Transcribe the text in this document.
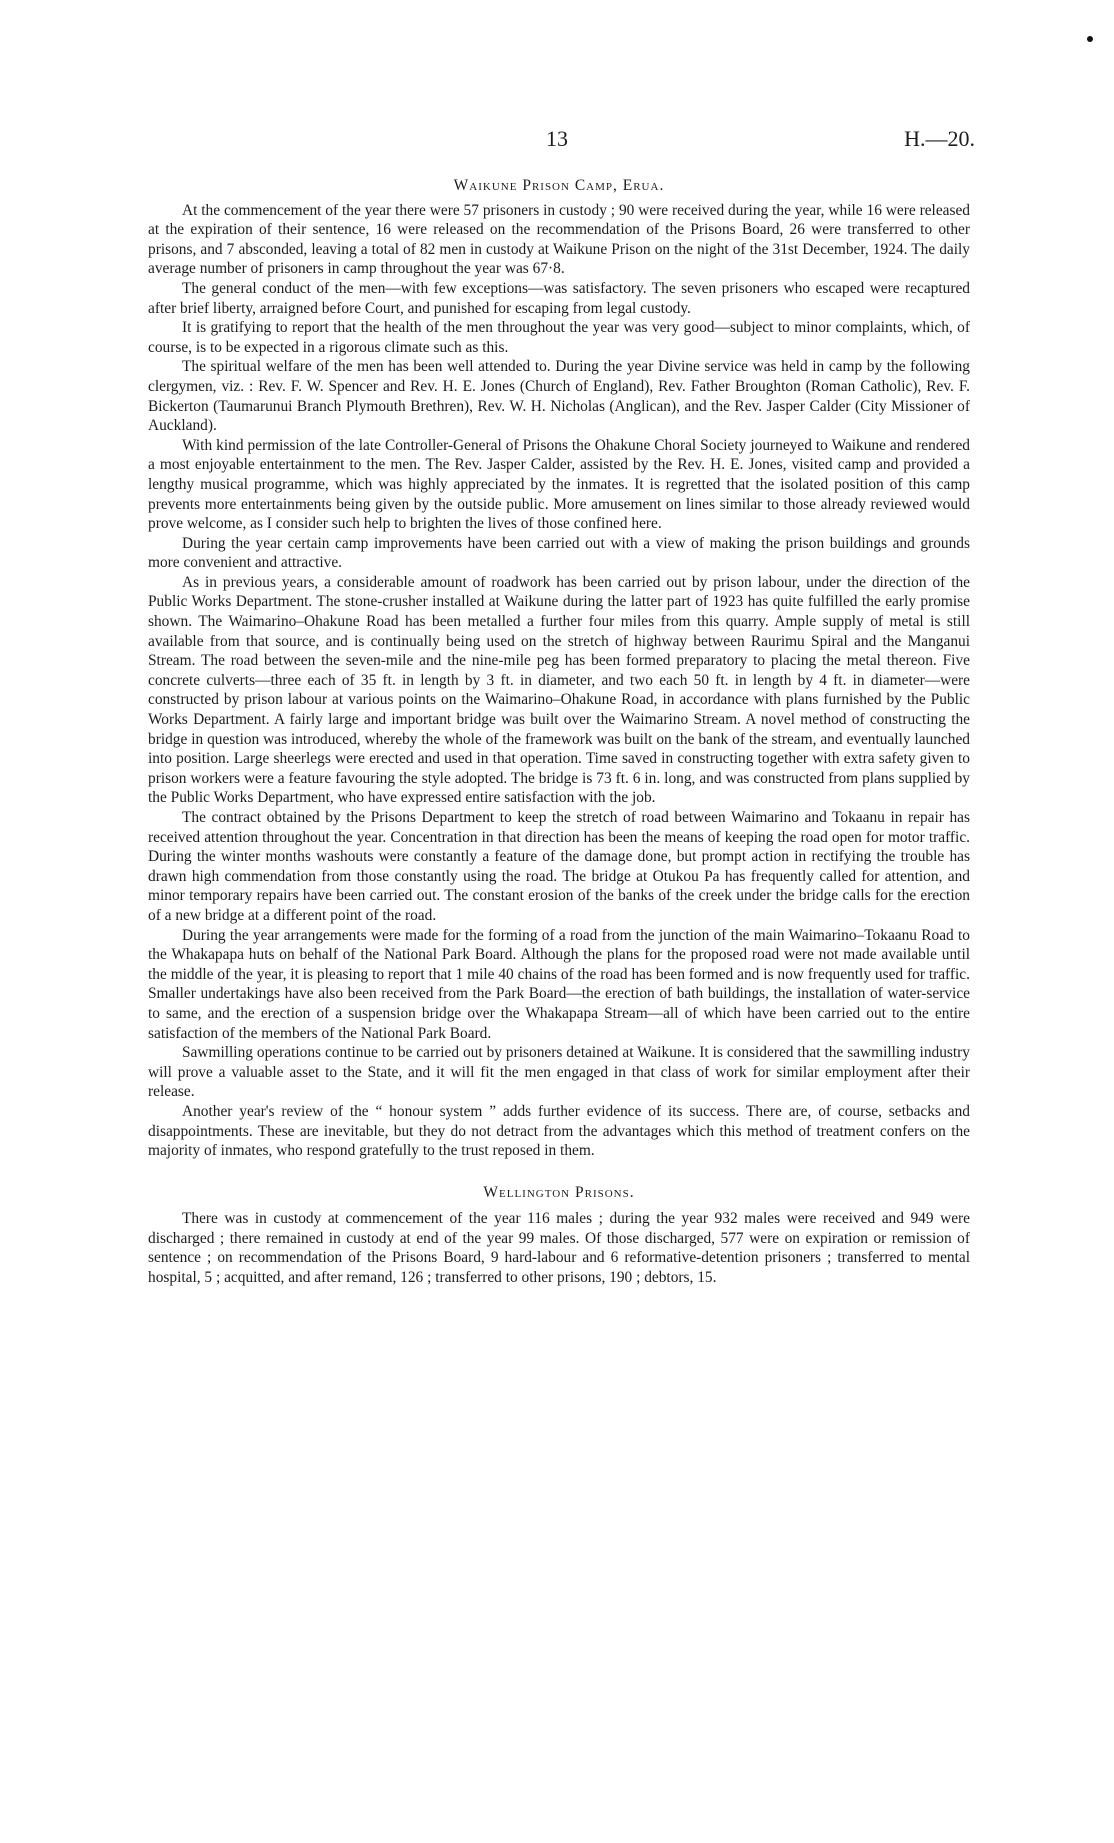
13	H.—20.
Waikune Prison Camp, Erua.

At the commencement of the year there were 57 prisoners in custody ; 90 were received during the year, while 16 were released at the expiration of their sentence, 16 were released on the recommendation of the Prisons Board, 26 were transferred to other prisons, and 7 absconded, leaving a total of 82 men in custody at Waikune Prison on the night of the 31st December, 1924. The daily average number of prisoners in camp throughout the year was 67·8.

The general conduct of the men—with few exceptions—was satisfactory. The seven prisoners who escaped were recaptured after brief liberty, arraigned before Court, and punished for escaping from legal custody.

It is gratifying to report that the health of the men throughout the year was very good—subject to minor complaints, which, of course, is to be expected in a rigorous climate such as this.

The spiritual welfare of the men has been well attended to. During the year Divine service was held in camp by the following clergymen, viz. : Rev. F. W. Spencer and Rev. H. E. Jones (Church of England), Rev. Father Broughton (Roman Catholic), Rev. F. Bickerton (Taumarunui Branch Plymouth Brethren), Rev. W. H. Nicholas (Anglican), and the Rev. Jasper Calder (City Missioner of Auckland).

With kind permission of the late Controller-General of Prisons the Ohakune Choral Society journeyed to Waikune and rendered a most enjoyable entertainment to the men. The Rev. Jasper Calder, assisted by the Rev. H. E. Jones, visited camp and provided a lengthy musical programme, which was highly appreciated by the inmates. It is regretted that the isolated position of this camp prevents more entertainments being given by the outside public. More amusement on lines similar to those already reviewed would prove welcome, as I consider such help to brighten the lives of those confined here.

During the year certain camp improvements have been carried out with a view of making the prison buildings and grounds more convenient and attractive.

As in previous years, a considerable amount of roadwork has been carried out by prison labour, under the direction of the Public Works Department. The stone-crusher installed at Waikune during the latter part of 1923 has quite fulfilled the early promise shown. The Waimarino–Ohakune Road has been metalled a further four miles from this quarry. Ample supply of metal is still available from that source, and is continually being used on the stretch of highway between Raurimu Spiral and the Manganui Stream. The road between the seven-mile and the nine-mile peg has been formed preparatory to placing the metal thereon. Five concrete culverts—three each of 35 ft. in length by 3 ft. in diameter, and two each 50 ft. in length by 4 ft. in diameter—were constructed by prison labour at various points on the Waimarino–Ohakune Road, in accordance with plans furnished by the Public Works Department. A fairly large and important bridge was built over the Waimarino Stream. A novel method of constructing the bridge in question was introduced, whereby the whole of the framework was built on the bank of the stream, and eventually launched into position. Large sheerlegs were erected and used in that operation. Time saved in constructing together with extra safety given to prison workers were a feature favouring the style adopted. The bridge is 73 ft. 6 in. long, and was constructed from plans supplied by the Public Works Department, who have expressed entire satisfaction with the job.

The contract obtained by the Prisons Department to keep the stretch of road between Waimarino and Tokaanu in repair has received attention throughout the year. Concentration in that direction has been the means of keeping the road open for motor traffic. During the winter months washouts were constantly a feature of the damage done, but prompt action in rectifying the trouble has drawn high commendation from those constantly using the road. The bridge at Otukou Pa has frequently called for attention, and minor temporary repairs have been carried out. The constant erosion of the banks of the creek under the bridge calls for the erection of a new bridge at a different point of the road.

During the year arrangements were made for the forming of a road from the junction of the main Waimarino–Tokaanu Road to the Whakapapa huts on behalf of the National Park Board. Although the plans for the proposed road were not made available until the middle of the year, it is pleasing to report that 1 mile 40 chains of the road has been formed and is now frequently used for traffic. Smaller undertakings have also been received from the Park Board—the erection of bath buildings, the installation of water-service to same, and the erection of a suspension bridge over the Whakapapa Stream—all of which have been carried out to the entire satisfaction of the members of the National Park Board.

Sawmilling operations continue to be carried out by prisoners detained at Waikune. It is considered that the sawmilling industry will prove a valuable asset to the State, and it will fit the men engaged in that class of work for similar employment after their release.

Another year's review of the “ honour system ” adds further evidence of its success. There are, of course, setbacks and disappointments. These are inevitable, but they do not detract from the advantages which this method of treatment confers on the majority of inmates, who respond gratefully to the trust reposed in them.

Wellington Prisons.

There was in custody at commencement of the year 116 males ; during the year 932 males were received and 949 were discharged ; there remained in custody at end of the year 99 males. Of those discharged, 577 were on expiration or remission of sentence ; on recommendation of the Prisons Board, 9 hard-labour and 6 reformative-detention prisoners ; transferred to mental hospital, 5 ; acquitted, and after remand, 126 ; transferred to other prisons, 190 ; debtors, 15.
